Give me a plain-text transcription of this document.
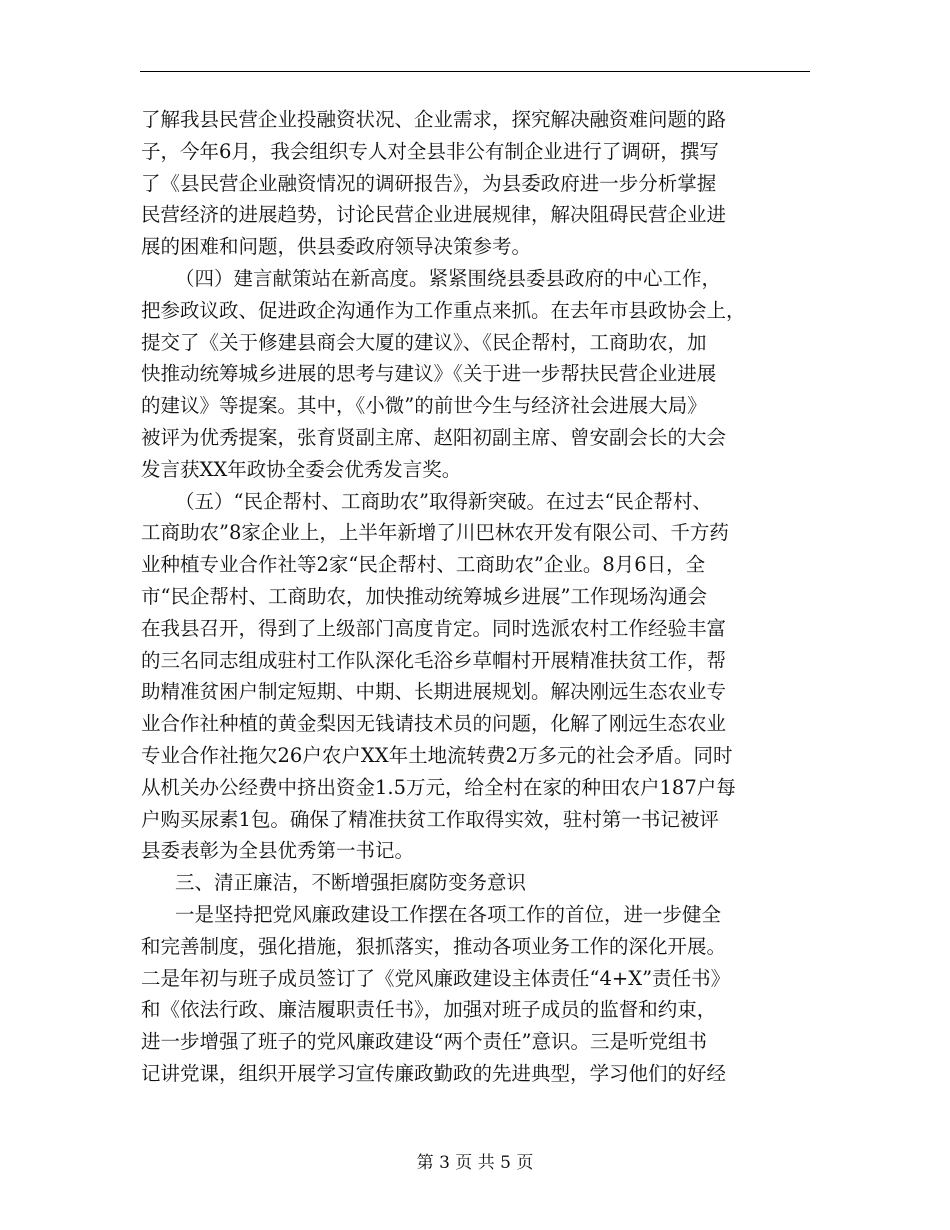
了解我县民营企业投融资状况、企业需求，探究解决融资难问题的路
子，今年6月，我会组织专人对全县非公有制企业进行了调研，撰写
了《县民营企业融资情况的调研报告》，为县委政府进一步分析掌握
民营经济的进展趋势，讨论民营企业进展规律，解决阻碍民营企业进
展的困难和问题，供县委政府领导决策参考。
（四）建言献策站在新高度。紧紧围绕县委县政府的中心工作，
把参政议政、促进政企沟通作为工作重点来抓。在去年市县政协会上，
提交了《关于修建县商会大厦的建议》、《民企帮村，工商助农，加
快推动统筹城乡进展的思考与建议》《关于进一步帮扶民营企业进展
的建议》等提案。其中，《小微”的前世今生与经济社会进展大局》
被评为优秀提案，张育贤副主席、赵阳初副主席、曾安副会长的大会
发言获XX年政协全委会优秀发言奖。
（五）“民企帮村、工商助农”取得新突破。在过去“民企帮村、
工商助农”8家企业上，上半年新增了川巴林农开发有限公司、千方药
业种植专业合作社等2家“民企帮村、工商助农”企业。8月6日，全
市“民企帮村、工商助农，加快推动统筹城乡进展”工作现场沟通会
在我县召开，得到了上级部门高度肯定。同时选派农村工作经验丰富
的三名同志组成驻村工作队深化毛浴乡草帽村开展精准扶贫工作，帮
助精准贫困户制定短期、中期、长期进展规划。解决刚远生态农业专
业合作社种植的黄金梨因无钱请技术员的问题，化解了刚远生态农业
专业合作社拖欠26户农户XX年土地流转费2万多元的社会矛盾。同时
从机关办公经费中挤出资金1.5万元，给全村在家的种田农户187户每
户购买尿素1包。确保了精准扶贫工作取得实效，驻村第一书记被评
县委表彰为全县优秀第一书记。
三、清正廉洁，不断增强拒腐防变务意识
一是坚持把党风廉政建设工作摆在各项工作的首位，进一步健全
和完善制度，强化措施，狠抓落实，推动各项业务工作的深化开展。
二是年初与班子成员签订了《党风廉政建设主体责任“4+X”责任书》
和《依法行政、廉洁履职责任书》，加强对班子成员的监督和约束，
进一步增强了班子的党风廉政建设“两个责任”意识。三是听党组书
记讲党课，组织开展学习宣传廉政勤政的先进典型，学习他们的好经
第 3 页 共 5 页
